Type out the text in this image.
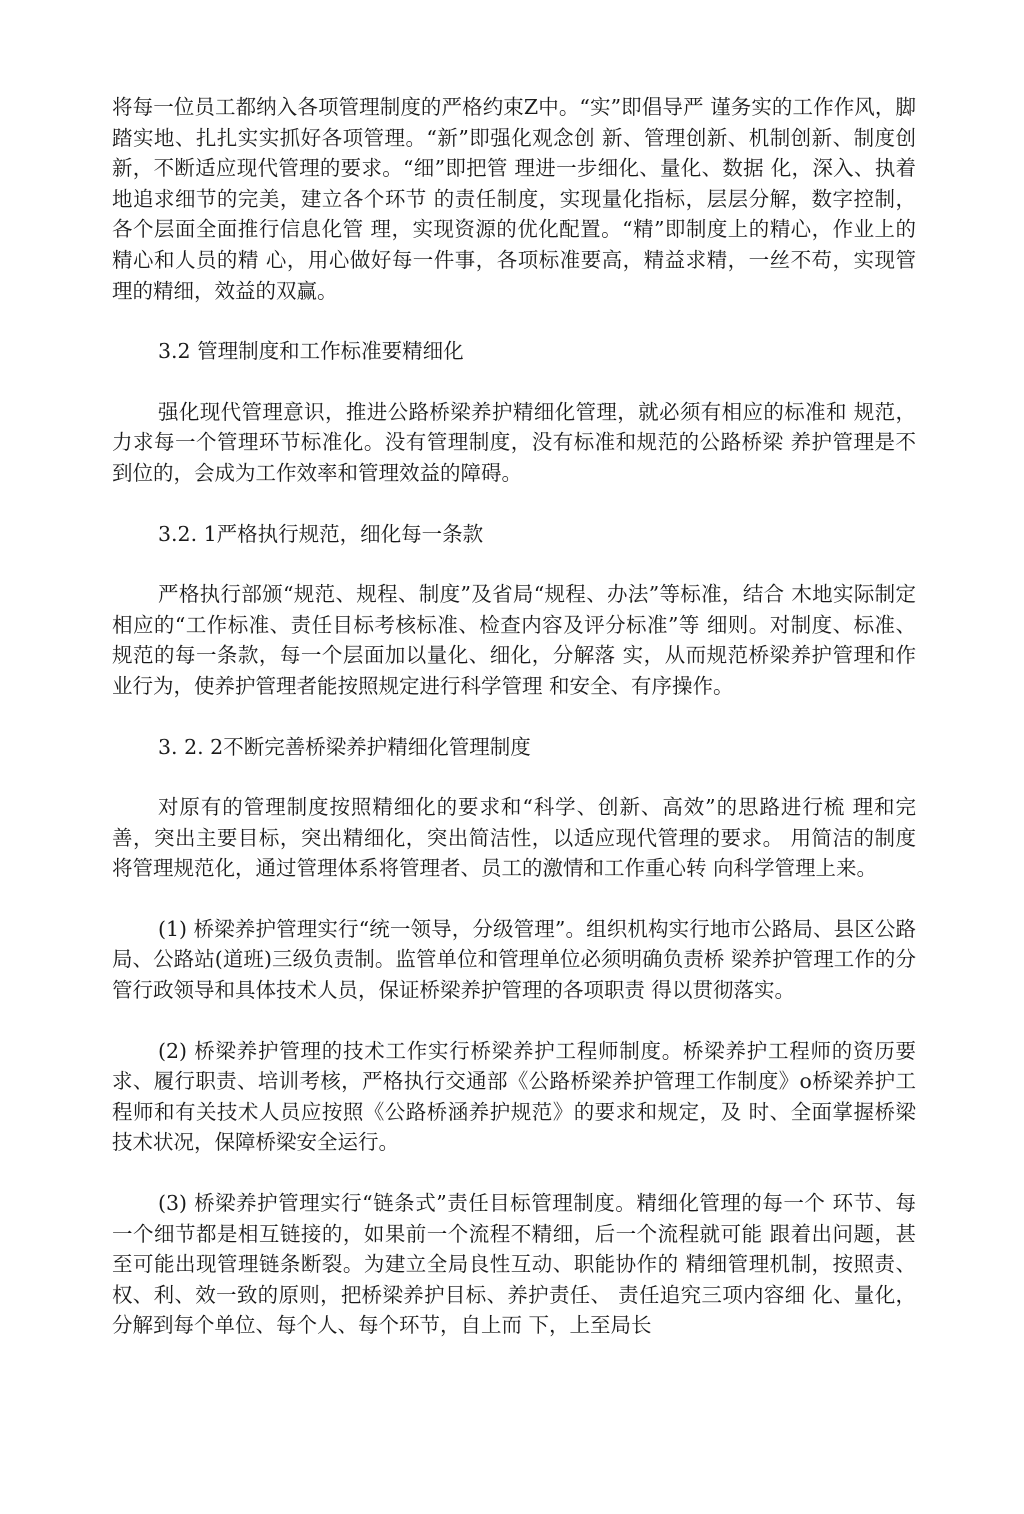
将每一位员工都纳入各项管理制度的严格约束Z中。“实”即倡导严 谨务实的工作作风，脚 踏实地、扎扎实实抓好各项管理。“新”即强化观念创 新、管理创新、机制创新、制度创新，不断适应现代管理的要求。“细”即把管 理进一步细化、量化、数据 化，深入、执着地追求细节的完美，建立各个环节 的责任制度，实现量化指标，层层分解，数字控制，各个层面全面推行信息化管 理，实现资源的优化配置。“精”即制度上的精心，作业上的精心和人员的精 心，用心做好每一件事，各项标准要高，精益求精，一丝不苟，实现管理的精细，效益的双赢。

3.2 管理制度和工作标准要精细化

强化现代管理意识，推进公路桥梁养护精细化管理，就必须有相应的标准和 规范，力求每一个管理环节标准化。没有管理制度，没有标准和规范的公路桥梁 养护管理是不到位的，会成为工作效率和管理效益的障碍。

3.2. 1严格执行规范，细化每一条款

严格执行部颁“规范、规程、制度”及省局“规程、办法”等标准，结合 木地实际制定相应的“工作标准、责任目标考核标准、检查内容及评分标准”等 细则。对制度、标准、规范的每一条款，每一个层面加以量化、细化，分解落 实，从而规范桥梁养护管理和作业行为，使养护管理者能按照规定进行科学管理 和安全、有序操作。

3. 2. 2不断完善桥梁养护精细化管理制度

对原有的管理制度按照精细化的要求和“科学、创新、高效”的思路进行梳 理和完善，突出主要目标，突出精细化，突出简洁性，以适应现代管理的要求。 用简洁的制度将管理规范化，通过管理体系将管理者、员工的激情和工作重心转 向科学管理上来。

(1) 桥梁养护管理实行“统一领导，分级管理”。组织机构实行地市公路局、县区公路局、公路站(道班)三级负责制。监管单位和管理单位必须明确负责桥 梁养护管理工作的分管行政领导和具体技术人员，保证桥梁养护管理的各项职责 得以贯彻落实。

(2) 桥梁养护管理的技术工作实行桥梁养护工程师制度。桥梁养护工程师的资历要求、履行职责、培训考核，严格执行交通部《公路桥梁养护管理工作制度》o桥梁养护工程师和有关技术人员应按照《公路桥涵养护规范》的要求和规定，及 时、全面掌握桥梁技术状况，保障桥梁安全运行。

(3) 桥梁养护管理实行“链条式”责任目标管理制度。精细化管理的每一个 环节、每一个细节都是相互链接的，如果前一个流程不精细，后一个流程就可能 跟着出问题，甚至可能出现管理链条断裂。为建立全局良性互动、职能协作的 精细管理机制，按照责、权、利、效一致的原则，把桥梁养护目标、养护责任、 责任追究三项内容细 化、量化，分解到每个单位、每个人、每个环节，自上而 下，上至局长
